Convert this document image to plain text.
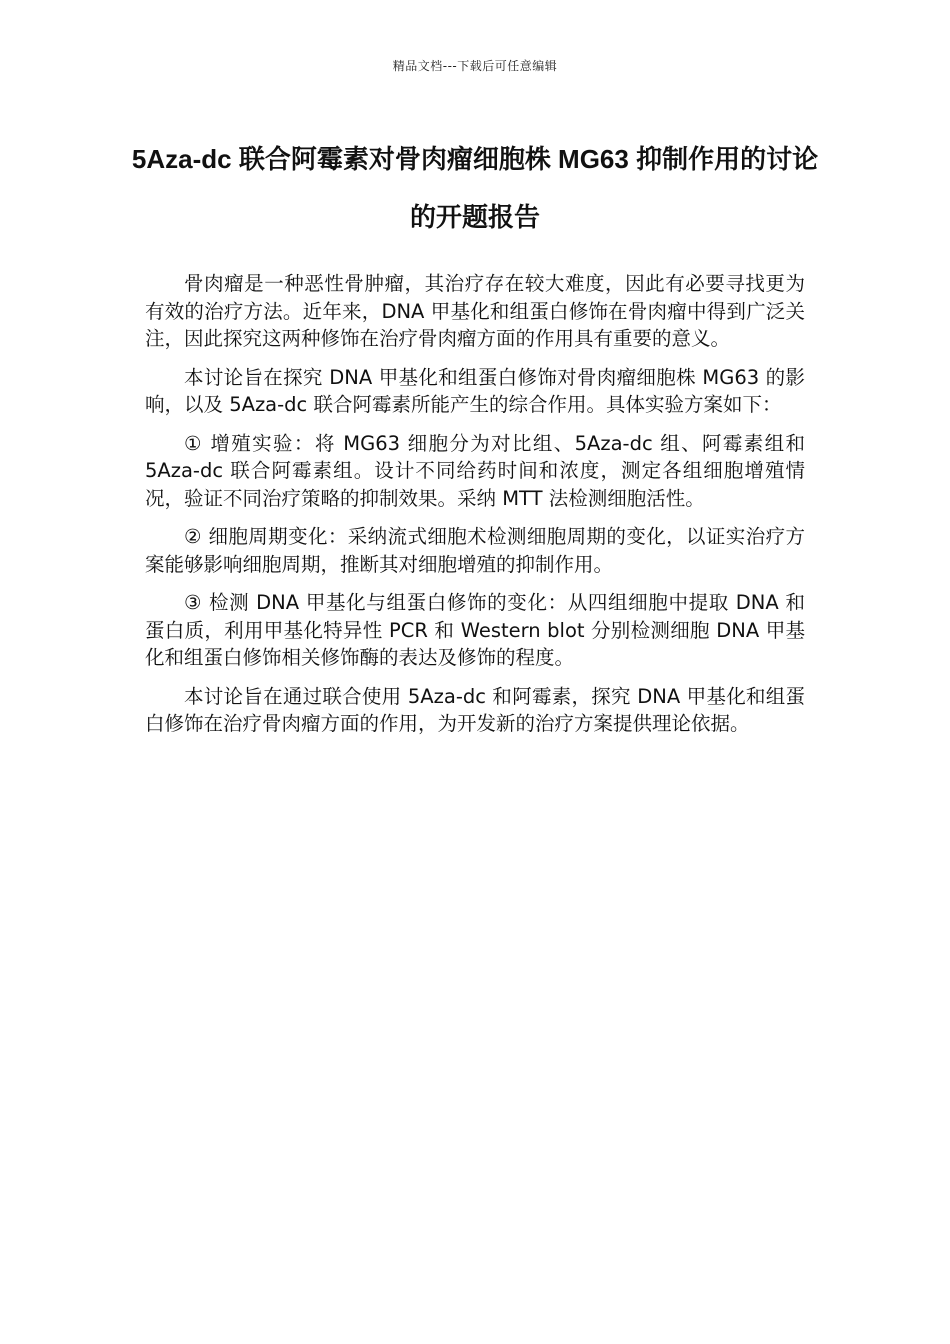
精品文档---下载后可任意编辑
5Aza-dc 联合阿霉素对骨肉瘤细胞株 MG63 抑制作用的讨论的开题报告

骨肉瘤是一种恶性骨肿瘤，其治疗存在较大难度，因此有必要寻找更为有效的治疗方法。近年来，DNA 甲基化和组蛋白修饰在骨肉瘤中得到广泛关注，因此探究这两种修饰在治疗骨肉瘤方面的作用具有重要的意义。

本讨论旨在探究 DNA 甲基化和组蛋白修饰对骨肉瘤细胞株 MG63 的影响，以及 5Aza-dc 联合阿霉素所能产生的综合作用。具体实验方案如下：

① 增殖实验：将 MG63 细胞分为对比组、5Aza-dc 组、阿霉素组和 5Aza-dc 联合阿霉素组。设计不同给药时间和浓度，测定各组细胞增殖情况，验证不同治疗策略的抑制效果。采纳 MTT 法检测细胞活性。

② 细胞周期变化：采纳流式细胞术检测细胞周期的变化，以证实治疗方案能够影响细胞周期，推断其对细胞增殖的抑制作用。

③ 检测 DNA 甲基化与组蛋白修饰的变化：从四组细胞中提取 DNA 和蛋白质，利用甲基化特异性 PCR 和 Western blot 分别检测细胞 DNA 甲基化和组蛋白修饰相关修饰酶的表达及修饰的程度。

本讨论旨在通过联合使用 5Aza-dc 和阿霉素，探究 DNA 甲基化和组蛋白修饰在治疗骨肉瘤方面的作用，为开发新的治疗方案提供理论依据。
